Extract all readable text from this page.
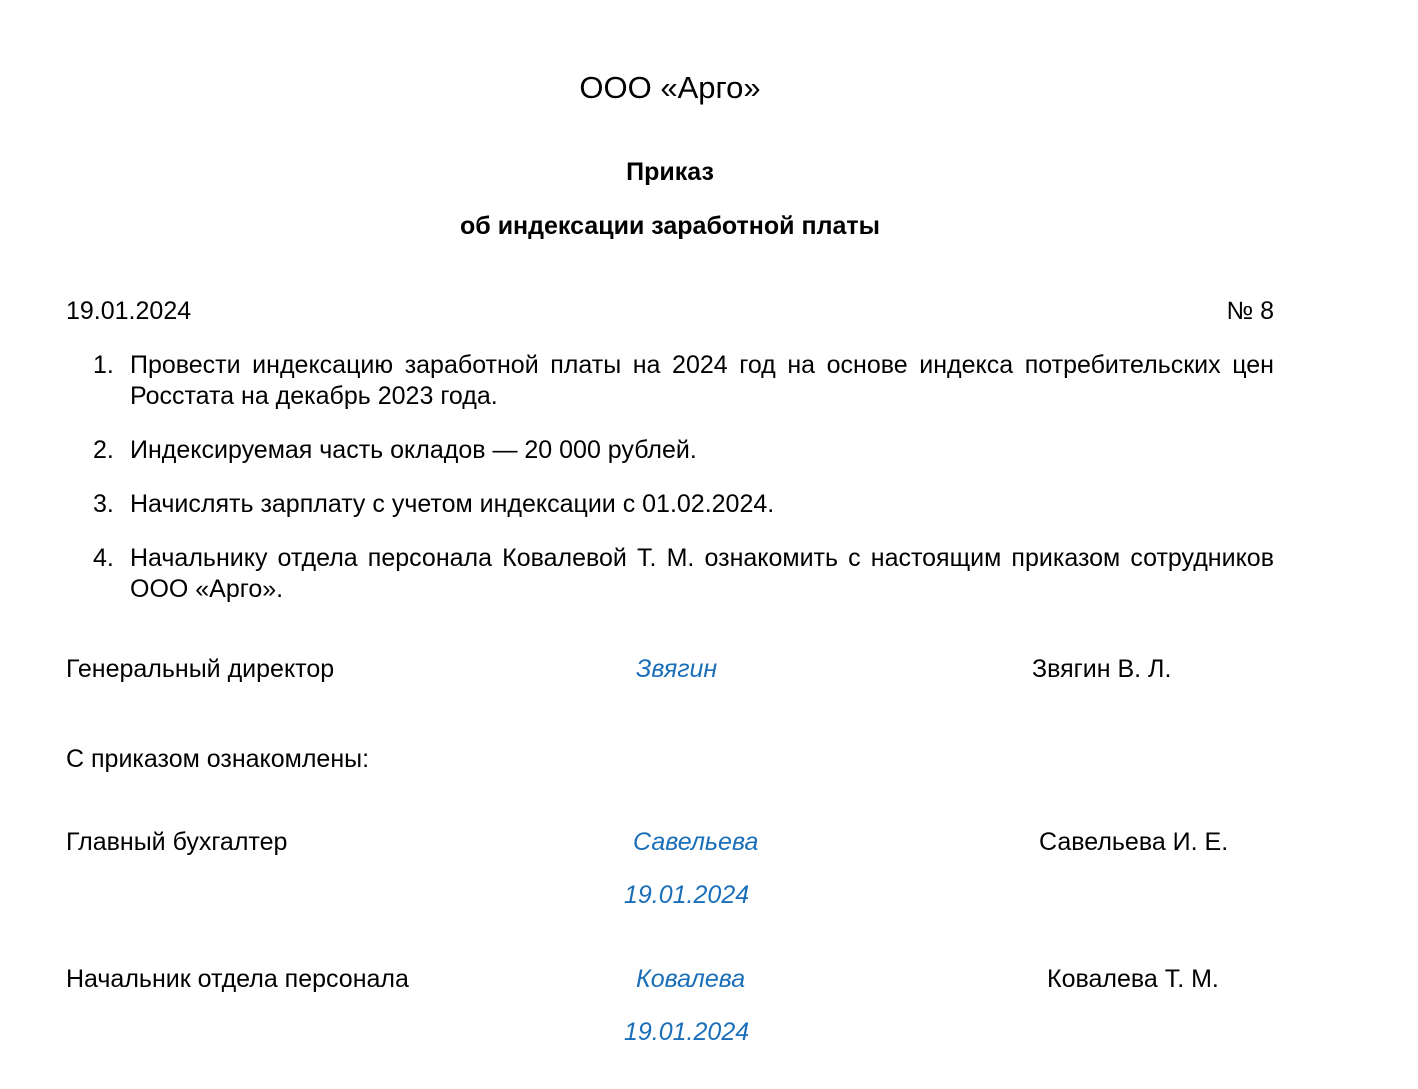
ООО «Арго»
Приказ
об индексации заработной платы
19.01.2024	№ 8
1. Провести индексацию заработной платы на 2024 год на основе индекса потребительских цен Росстата на декабрь 2023 года.
2. Индексируемая часть окладов — 20 000 рублей.
3. Начислять зарплату с учетом индексации с 01.02.2024.
4. Начальнику отдела персонала Ковалевой Т. М. ознакомить с настоящим приказом сотрудников ООО «Арго».
Генеральный директор	Звягин	Звягин В. Л.
С приказом ознакомлены:
Главный бухгалтер	Савельева	Савельева И. Е.
19.01.2024
Начальник отдела персонала	Ковалева	Ковалева Т. М.
19.01.2024
